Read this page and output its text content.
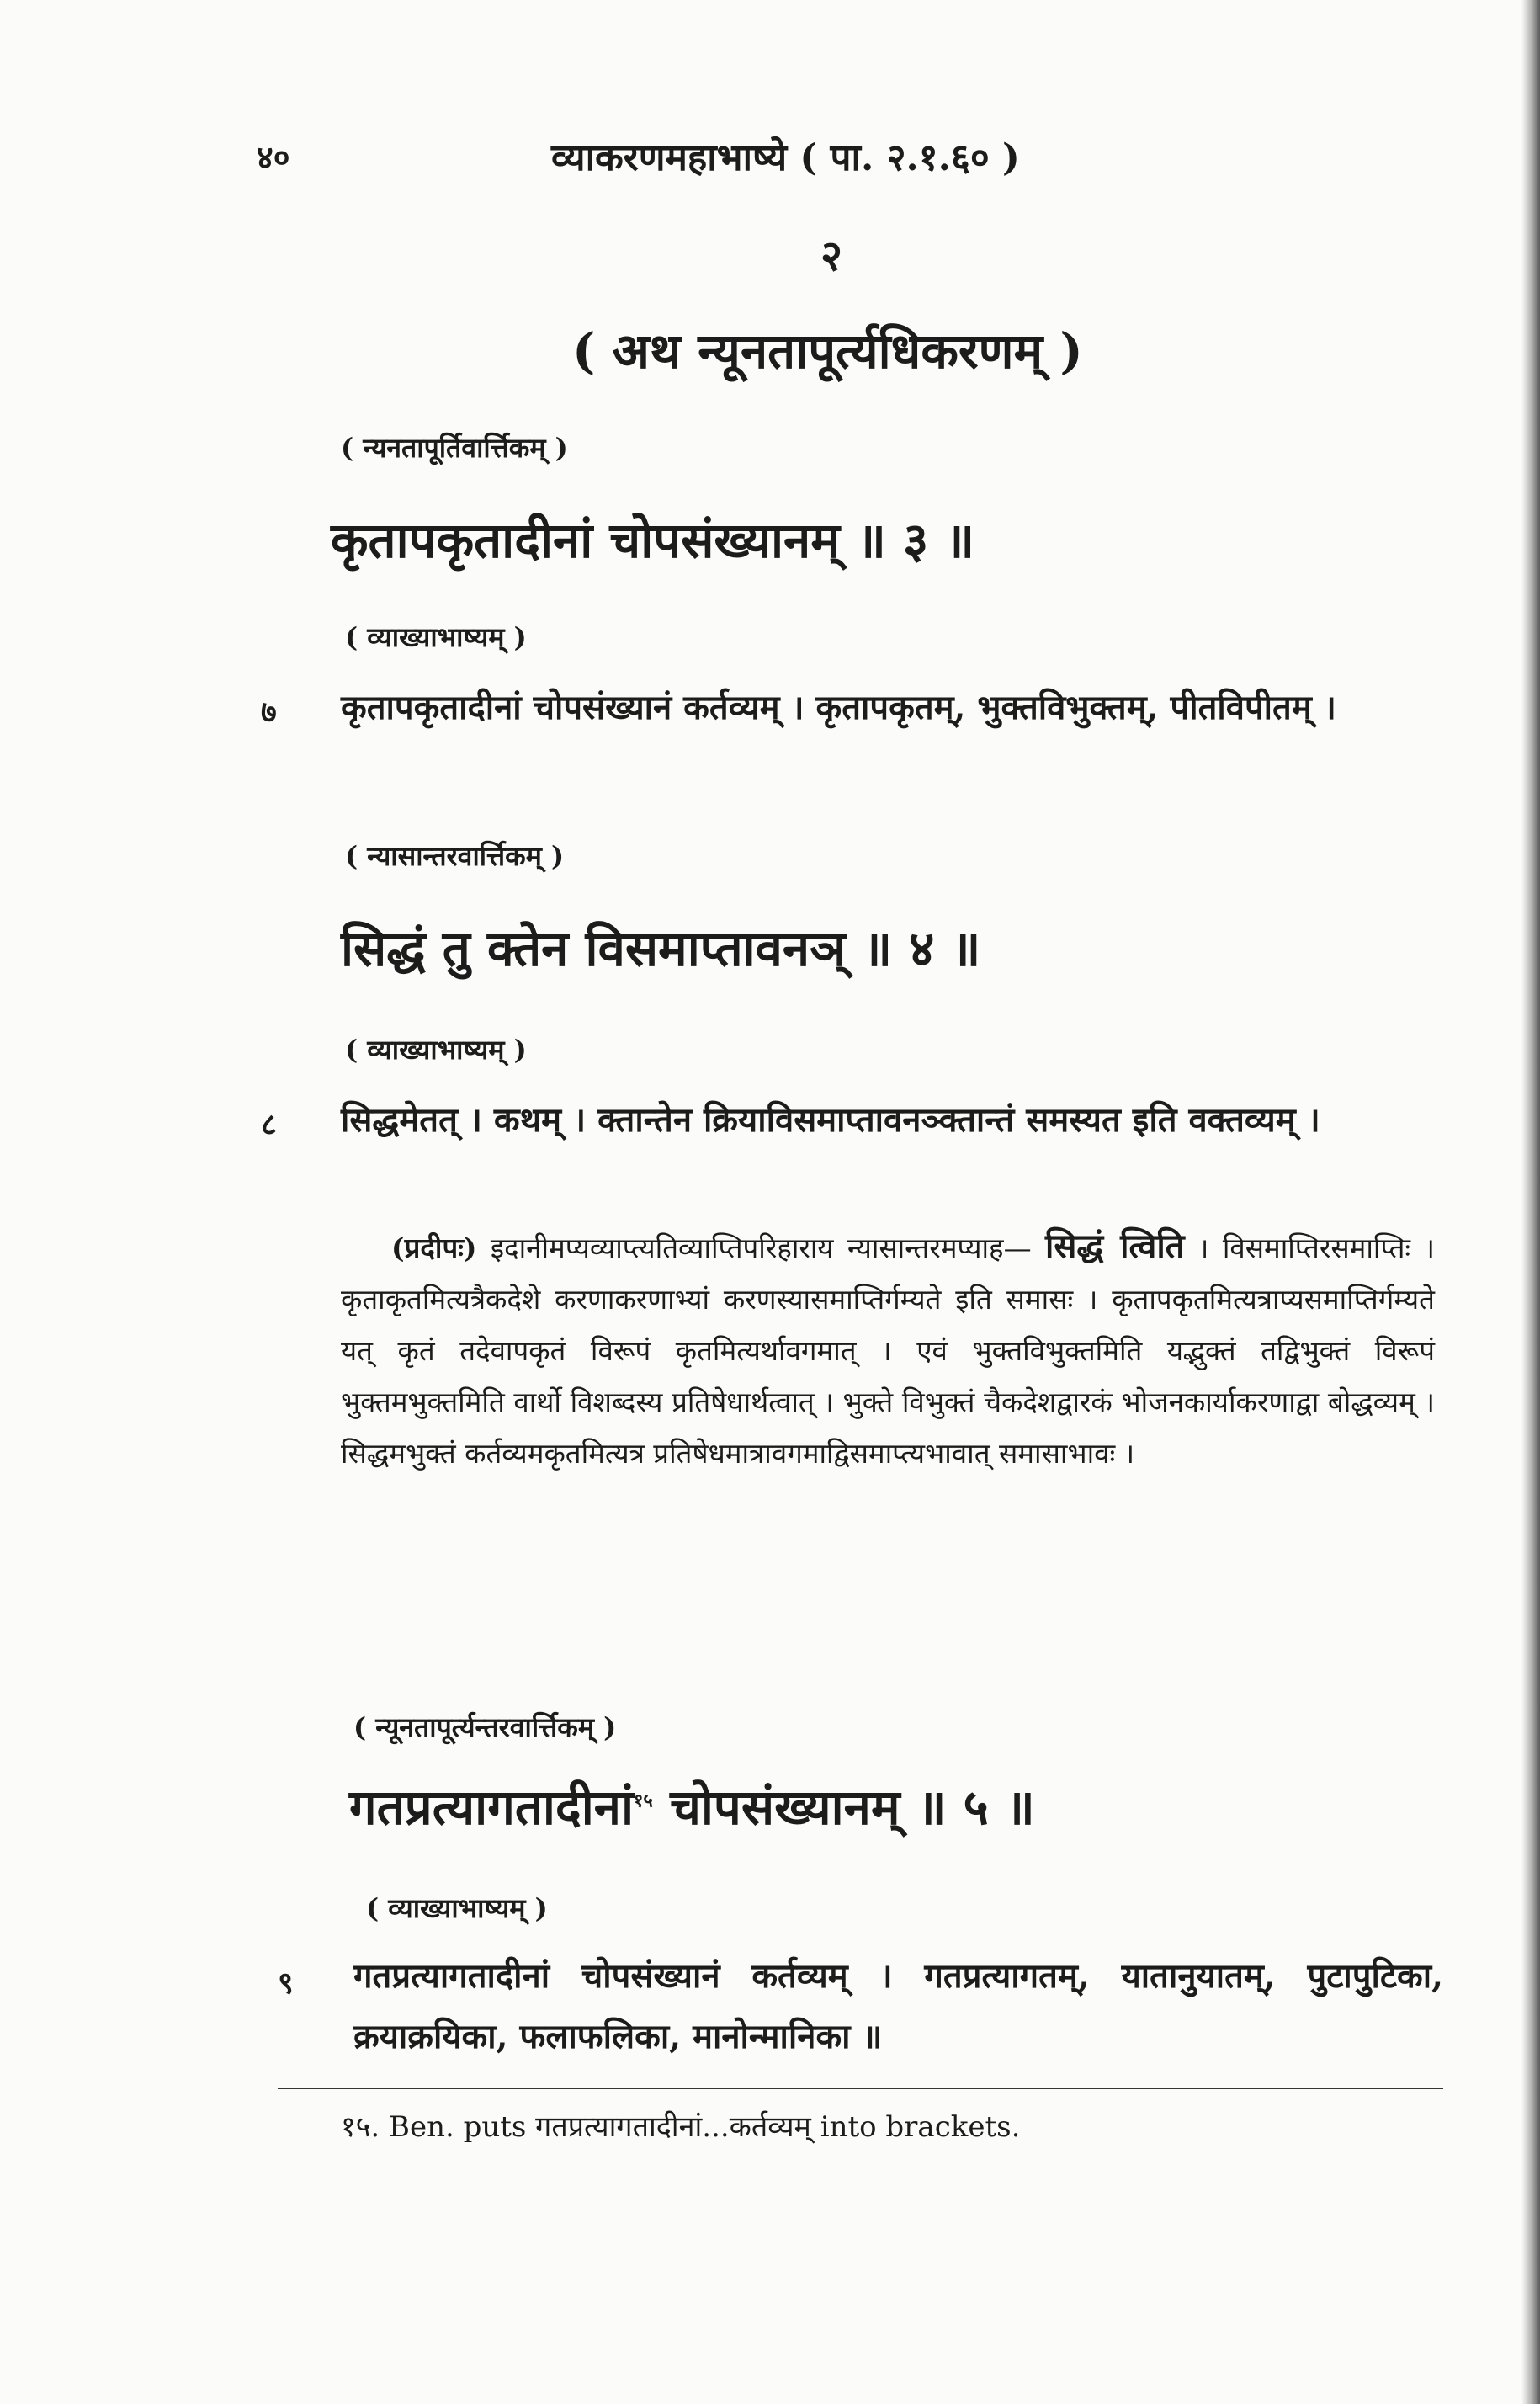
४०	व्याकरणमहाभाष्ये ( पा. २.१.६० )
२
( अथ न्यूनतापूर्त्यधिकरणम् )
( न्यनतापूर्तिवार्त्तिकम् )
कृतापकृतादीनां चोपसंख्यानम् ॥ ३ ॥
( व्याख्याभाष्यम् )
७ कृतापकृतादीनां चोपसंख्यानं कर्तव्यम् । कृतापकृतम्, भुक्तविभुक्तम्, पीतविपीतम् ।
( न्यासान्तरवार्त्तिकम् )
सिद्धं तु क्तेन विसमाप्तावनञ् ॥ ४ ॥
( व्याख्याभाष्यम् )
८ सिद्धमेतत् । कथम् । क्तान्तेन क्रियाविसमाप्तावनञ्क्तान्तं समस्यत इति वक्तव्यम् ।
(प्रदीपः) इदानीमप्यव्याप्त्यतिव्याप्तिपरिहाराय न्यासान्तरमप्याह— सिद्धं त्विति । विसमाप्तिरसमाप्तिः । कृताकृतमित्यत्रैकदेशे करणाकरणाभ्यां करणस्यासमाप्तिर्गम्यते इति समासः । कृतापकृतमित्यत्राप्यसमाप्तिर्गम्यते यत् कृतं तदेवापकृतं विरूपं कृतमित्यर्थावगमात् । एवं भुक्तविभुक्तमिति यद्भुक्तं तद्विभुक्तं विरूपं भुक्तमभुक्तमिति वार्थो विशब्दस्य प्रतिषेधार्थत्वात् । भुक्ते विभुक्तं चैकदेशद्वारकं भोजनकार्याकरणाद्वा बोद्धव्यम् । सिद्धमभुक्तं कर्तव्यमकृतमित्यत्र प्रतिषेधमात्रावगमाद्विसमाप्त्यभावात् समासाभावः ।
( न्यूनतापूर्त्यन्तरवार्त्तिकम् )
गतप्रत्यागतादीनां$^{१५}$ चोपसंख्यानम् ॥ ५ ॥
( व्याख्याभाष्यम् )
९ गतप्रत्यागतादीनां चोपसंख्यानं कर्तव्यम् । गतप्रत्यागतम्, यातानुयातम्, पुटापुटिका, क्रयाक्रयिका, फलाफलिका, मानोन्मानिका ॥
१५. Ben. puts गतप्रत्यागतादीनां...कर्तव्यम् into brackets.
